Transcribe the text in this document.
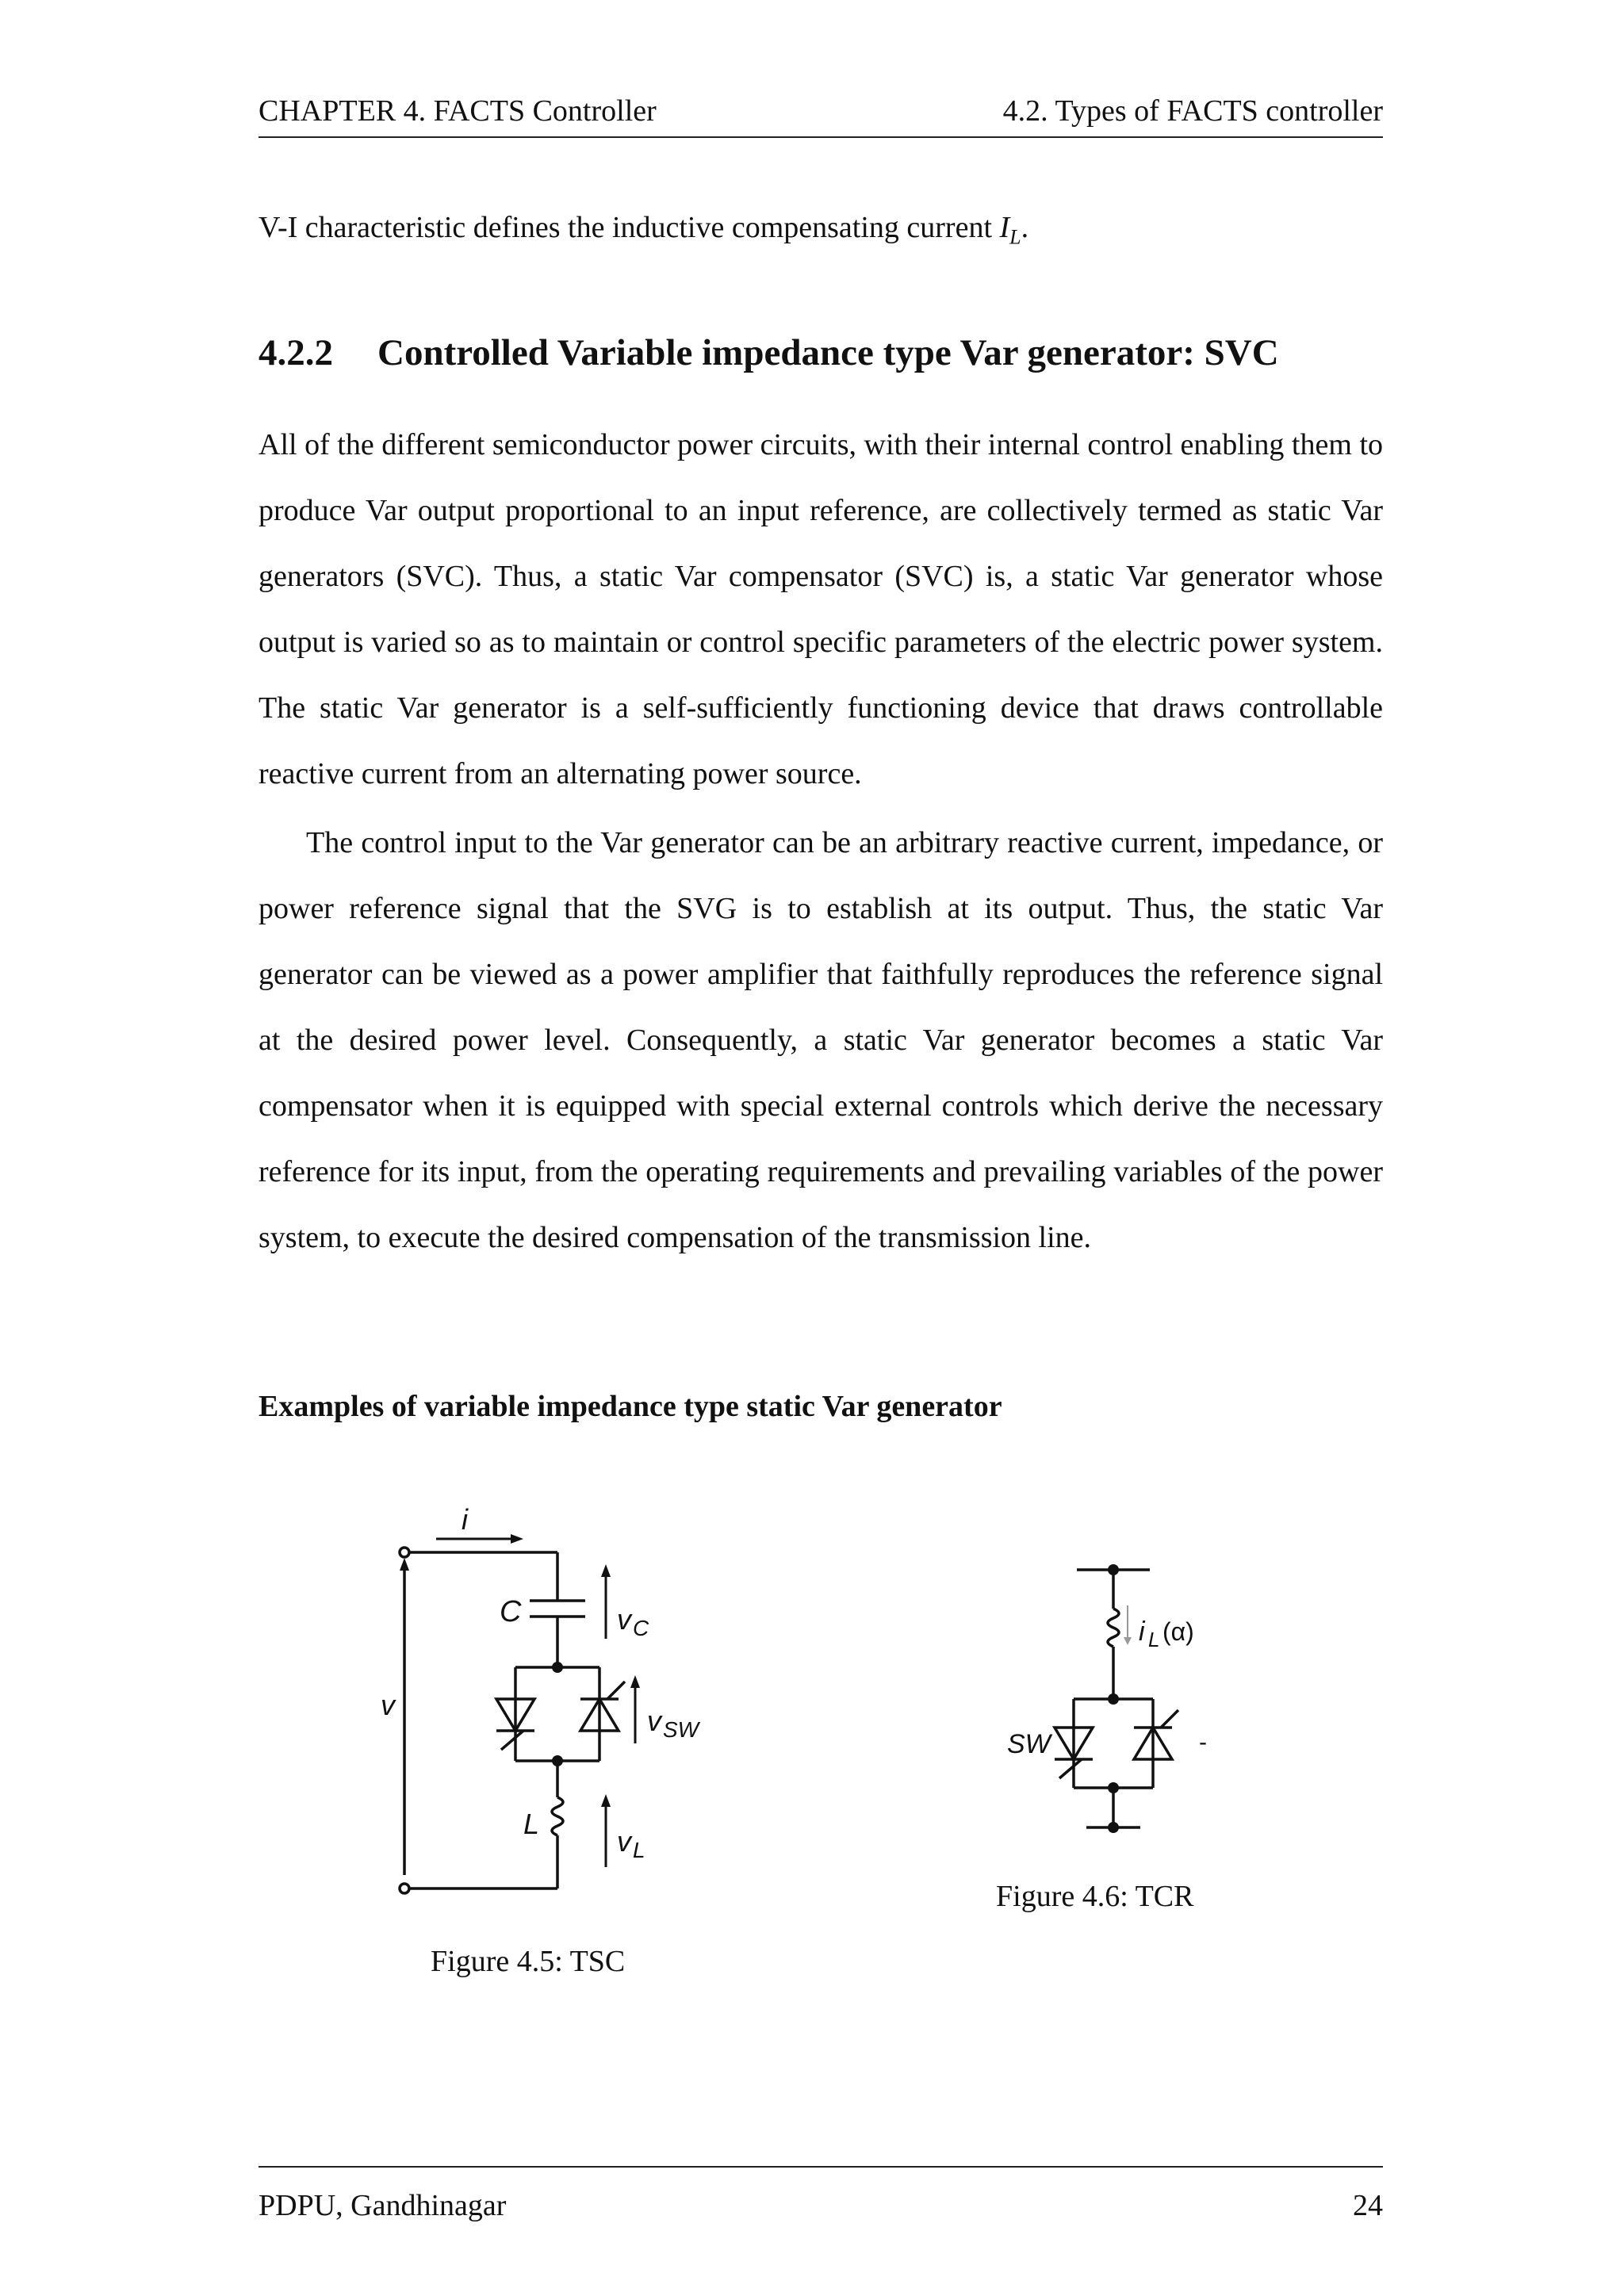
CHAPTER 4. FACTS Controller	4.2. Types of FACTS controller
V-I characteristic defines the inductive compensating current $I_L$.
4.2.2 Controlled Variable impedance type Var generator: SVC

All of the different semiconductor power circuits, with their internal control enabling them to produce Var output proportional to an input reference, are collectively termed as static Var generators (SVC). Thus, a static Var compensator (SVC) is, a static Var generator whose output is varied so as to maintain or control specific parameters of the electric power system. The static Var generator is a self-sufficiently functioning device that draws controllable reactive current from an alternating power source.

The control input to the Var generator can be an arbitrary reactive current, impedance, or power reference signal that the SVG is to establish at its output. Thus, the static Var generator can be viewed as a power amplifier that faithfully reproduces the reference signal at the desired power level. Consequently, a static Var generator becomes a static Var compensator when it is equipped with special external controls which derive the necessary reference for its input, from the operating requirements and prevailing variables of the power system, to execute the desired compensation of the transmission line.

Examples of variable impedance type static Var generator
i
C	v C
v	v SW
L
v L
Figure 4.5: TSC
i L (α)
SW	-
Figure 4.6: TCR
PDPU, Gandhinagar	24
